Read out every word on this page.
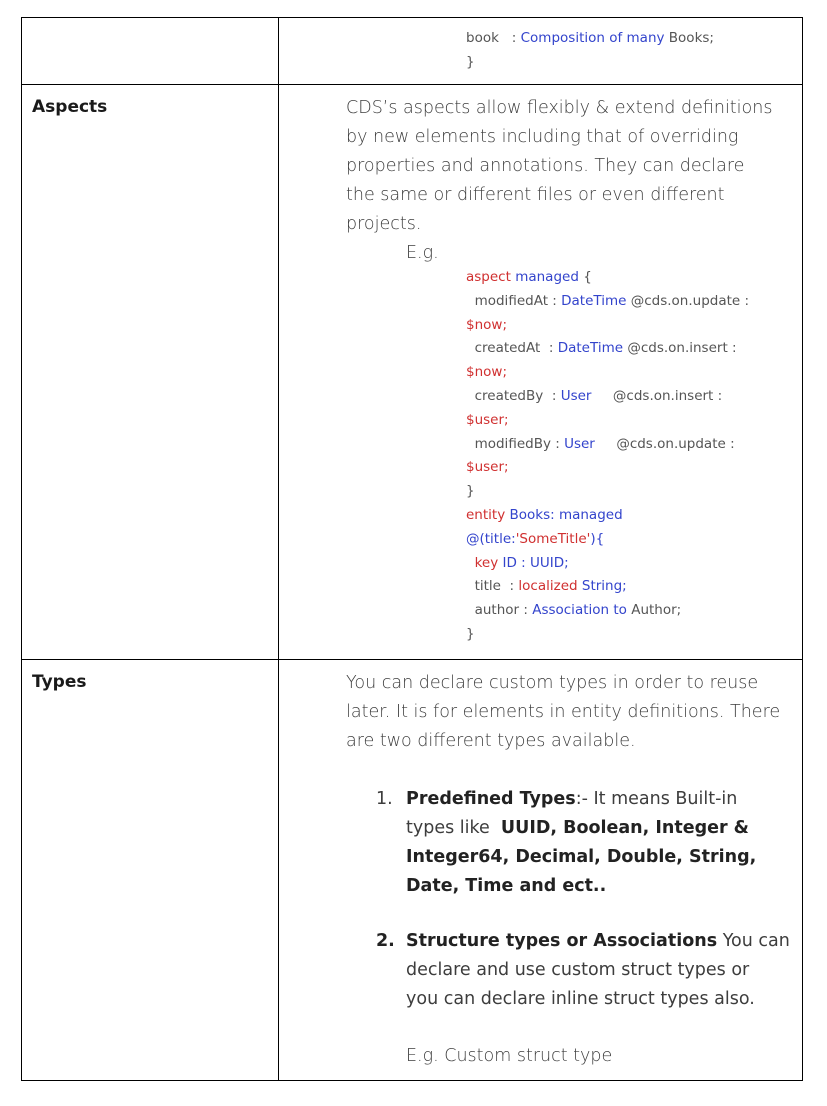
book   : Composition of many Books;
}
Aspects	CDS’s aspects allow flexibly & extend definitions
by new elements including that of overriding
properties and annotations. They can declare
the same or different files or even different
projects.
E.g.
aspect managed {
modifiedAt : DateTime @cds.on.update :
$now;
createdAt  : DateTime @cds.on.insert :
$now;
createdBy  : User     @cds.on.insert :
$user;
modifiedBy : User     @cds.on.update :
$user;
}
entity Books: managed
@(title:'SomeTitle'){
key ID : UUID;
title  : localized String;
author : Association to Author;
}
Types	You can declare custom types in order to reuse
later. It is for elements in entity definitions. There
are two different types available.
1. Predefined Types:- It means Built-in
types like  UUID, Boolean, Integer &
Integer64, Decimal, Double, String,
Date, Time and ect..
2. Structure types or Associations You can
declare and use custom struct types or
you can declare inline struct types also.
E.g. Custom struct type
